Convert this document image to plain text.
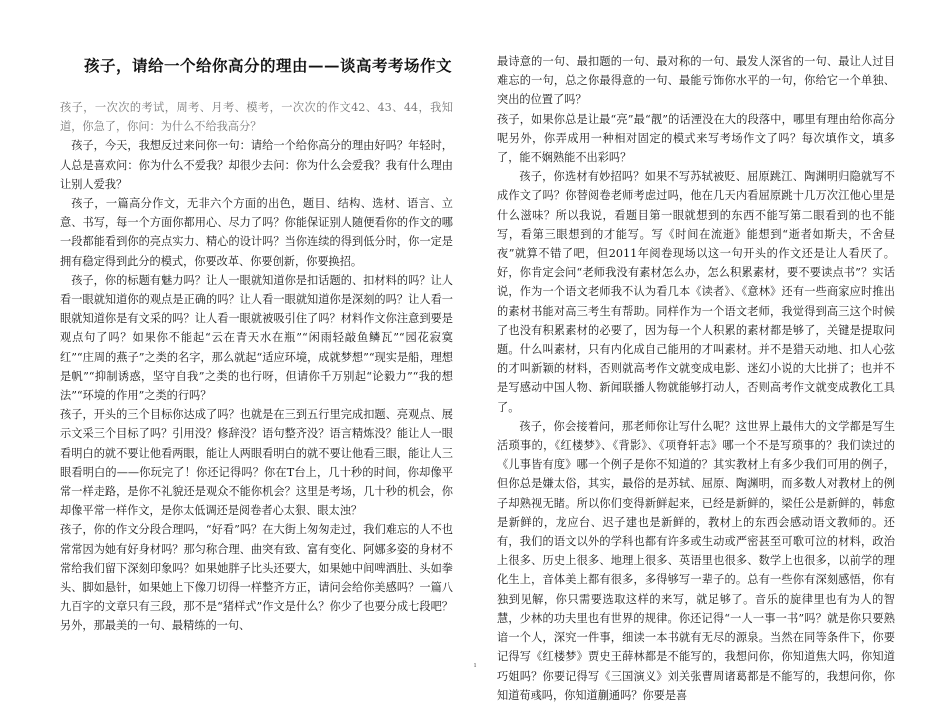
孩子，请给一个给你高分的理由——谈高考考场作文

孩子，一次次的考试，周考、月考、模考，一次次的作文42、43、44，我知道，你急了，你问：为什么不给我高分？

孩子，今天，我想反过来问你一句：请给一个给你高分的理由好吗？年轻时，人总是喜欢问：你为什么不爱我？却很少去问：你为什么会爱我？我有什么理由让别人爱我？

孩子，一篇高分作文，无非六个方面的出色，题目、结构、选材、语言、立意、书写，每一个方面你都用心、尽力了吗？你能保证别人随便看你的作文的哪一段都能看到你的亮点实力、精心的设计吗？当你连续的得到低分时，你一定是拥有稳定得到此分的模式，你要改革、你要创新，你要换招。

孩子，你的标题有魅力吗？让人一眼就知道你是扣话题的、扣材料的吗？让人看一眼就知道你的观点是正确的吗？让人看一眼就知道你是深刻的吗？让人看一眼就知道你是有文采的吗？让人看一眼就被吸引住了吗？材料作文你注意到要是观点句了吗？如果你不能起“云在青天水在瓶”“闲雨轻敲鱼鳞瓦”“园花寂寞红”“庄周的燕子”之类的名字，那么就起“适应环境，成就梦想”“现实是船，理想是帆”“抑制诱惑，坚守自我”之类的也行呀，但请你千万别起“论毅力”“我的想法”“环境的作用”之类的行吗？

孩子，开头的三个目标你达成了吗？也就是在三到五行里完成扣题、亮观点、展示文采三个目标了吗？引用没？修辞没？语句整齐没？语言精炼没？能让人一眼看明白的就不要让他看两眼，能让人两眼看明白的就不要让他看三眼，能让人三眼看明白的——你玩完了！你还记得吗？你在T台上，几十秒的时间，你却像平常一样走路，是你不礼貌还是观众不能你机会？这里是考场，几十秒的机会，你却像平常一样作文，是你太低调还是阅卷者心太狠、眼太浊？

孩子，你的作文分段合理吗，“好看”吗？在大街上匆匆走过，我们难忘的人不也常常因为她有好身材吗？那匀称合理、曲突有致、富有变化、阿娜多姿的身材不常给我们留下深刻印象吗？如果她胖子比头还要大，如果她中间啤酒肚、头如拳头、脚如悬针，如果她上下像刀切得一样整齐方正，请问会给你美感吗？一篇八九百字的文章只有三段，那不是“猪样式”作文是什么？你少了也要分成七段吧？另外，那最美的一句、最精练的一句、

最诗意的一句、最扣题的一句、最对称的一句、最发人深省的一句、最让人过目难忘的一句，总之你最得意的一句、最能亏饰你水平的一句，你给它一个单独、突出的位置了吗？

孩子，如果你总是让最“亮”最“靓”的话湮没在大的段落中，哪里有理由给你高分呢另外，你弄成用一种相对固定的模式来写考场作文了吗？每次填作文，填多了，能不娴熟能不出彩吗？

孩子，你选材有妙招吗？如果不写苏轼被贬、屈原跳江、陶渊明归隐就写不成作文了吗？你替阅卷老师考虑过吗，他在几天内看屈原跳十几万次江他心里是什么滋味？所以我说，看题目第一眼就想到的东西不能写第二眼看到的也不能写，看第三眼想到的才能写。写《时间在流逝》能想到“逝者如斯夫，不舍昼夜”就算不错了吧，但2011年阅卷现场以这一句开头的作文还是让人看厌了。好，你肯定会问“老师我没有素材怎么办，怎么积累素材，要不要读点书”？实话说，作为一个语文老师我不认为看几本《读者》、《意林》还有一些商家应时推出的素材书能对高三考生有帮助。同样作为一个语文老师，我觉得到高三这个时候了也没有积累素材的必要了，因为每一个人积累的素材都是够了，关键是提取问题。什么叫素材，只有内化成自己能用的才叫素材。并不是猎天动地、扣人心弦的才叫新颖的材料，否则就高考作文就变成电影、迷幻小说的大比拼了；也并不是写感动中国人物、新闻联播人物就能够打动人，否则高考作文就变成教化工具了。

孩子，你会接着问，那老师你让写什么呢？这世界上最伟大的文学都是写生活琐事的，《红楼梦》、《背影》、《项脊轩志》哪一个不是写琐事的？我们读过的《儿事皆有度》哪一个例子是你不知道的？其实教材上有多少我们可用的例子，但你总是嫌太俗，其实，最俗的是苏轼、屈原、陶渊明，而多数人对教材上的例子却熟视无睹。所以你们变得新鲜起来，已经是新鲜的，梁任公是新鲜的，韩愈是新鲜的，龙应台、迟子建也是新鲜的，教材上的东西会感动语文教师的。还有，我们的语文以外的学科也都有许多或生动或严密甚至可歌可泣的材料，政治上很多、历史上很多、地理上很多、英语里也很多、数学上也很多，以前学的理化生上，音体美上都有很多，多得够写一辈子的。总有一些你有深刻感悟，你有独到见解，你只需要选取这样的来写，就足够了。音乐的旋律里也有为人的智慧，少林的功夫里也有世界的规律。你还记得“一人一事一书”吗？就是你只要熟谙一个人，深究一件事，细读一本书就有无尽的源泉。当然在同等条件下，你要记得写《红楼梦》贾史王薛林都是不能写的，我想问你，你知道焦大吗，你知道巧姐吗？你要记得写《三国演义》刘关张曹周诸葛都是不能写的，我想问你，你知道荀彧吗，你知道蒯通吗？你要是喜

1
